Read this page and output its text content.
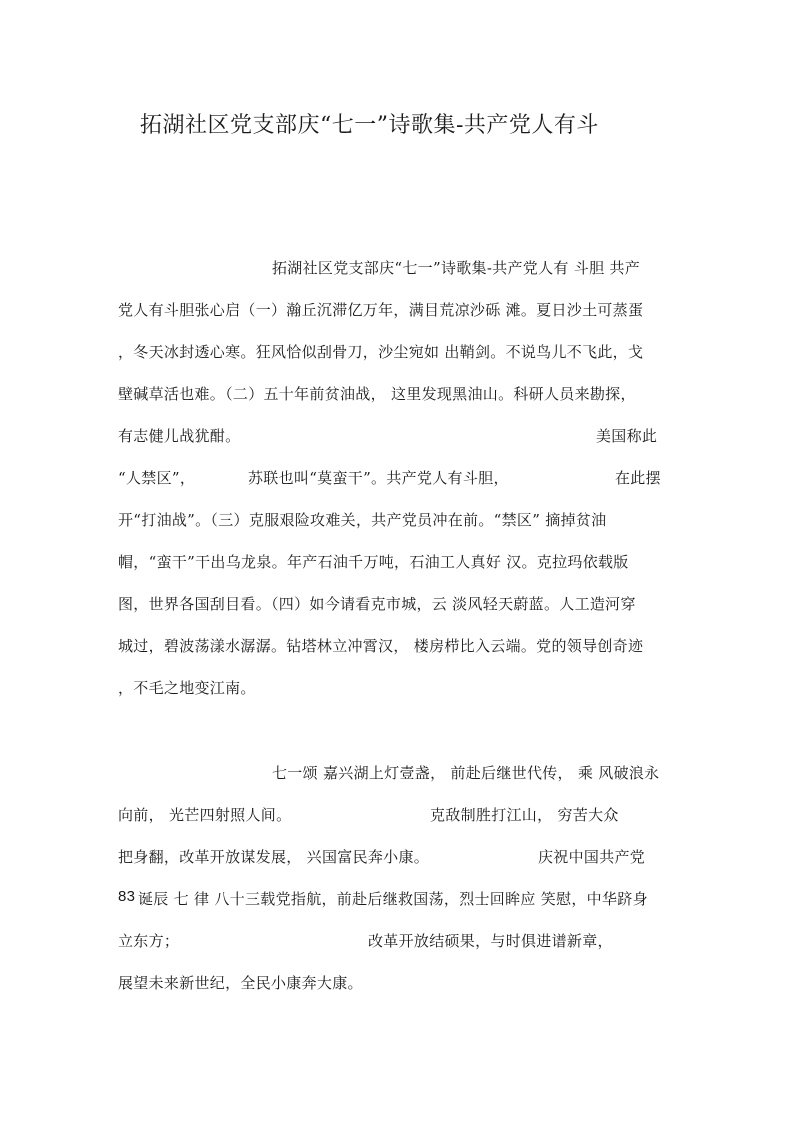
拓湖社区党支部庆“七一”诗歌集-共产党人有斗
拓湖社区党支部庆“七一”诗歌集-共产党人有 斗胆 共产
党人有斗胆张心启（一）瀚丘沉滞亿万年，满目荒凉沙砾 滩。夏日沙土可蒸蛋
，冬天冰封透心寒。狂风恰似刮骨刀，沙尘宛如 出鞘剑。不说鸟儿不飞此，戈
壁碱草活也难。（二）五十年前贫油战， 这里发现黑油山。科研人员来勘探，
有志健儿战犹酣。	美国称此
“人禁区”，	苏联也叫“莫蛮干”。共产党人有斗胆，	在此摆
开“打油战”。（三）克服艰险攻难关，共产党员冲在前。“禁区” 摘掉贫油
帽，“蛮干”干出乌龙泉。年产石油千万吨，石油工人真好 汉。克拉玛依载版
图，世界各国刮目看。（四）如今请看克市城，云 淡风轻天蔚蓝。人工造河穿
城过，碧波荡漾水潺潺。钻塔林立冲霄汉， 楼房栉比入云端。党的领导创奇迹
，不毛之地变江南。
七一颂 嘉兴湖上灯壹盏， 前赴后继世代传， 乘 风破浪永
向前， 光芒四射照人间。	克敌制胜打江山， 穷苦大众
把身翻，改革开放谋发展， 兴国富民奔小康。	庆祝中国共产党
83 诞辰 七 律 八十三载党指航，前赴后继救国荡，烈士回眸应 笑慰，中华跻身
立东方；	改革开放结硕果，与时俱进谱新章，
展望未来新世纪，全民小康奔大康。
